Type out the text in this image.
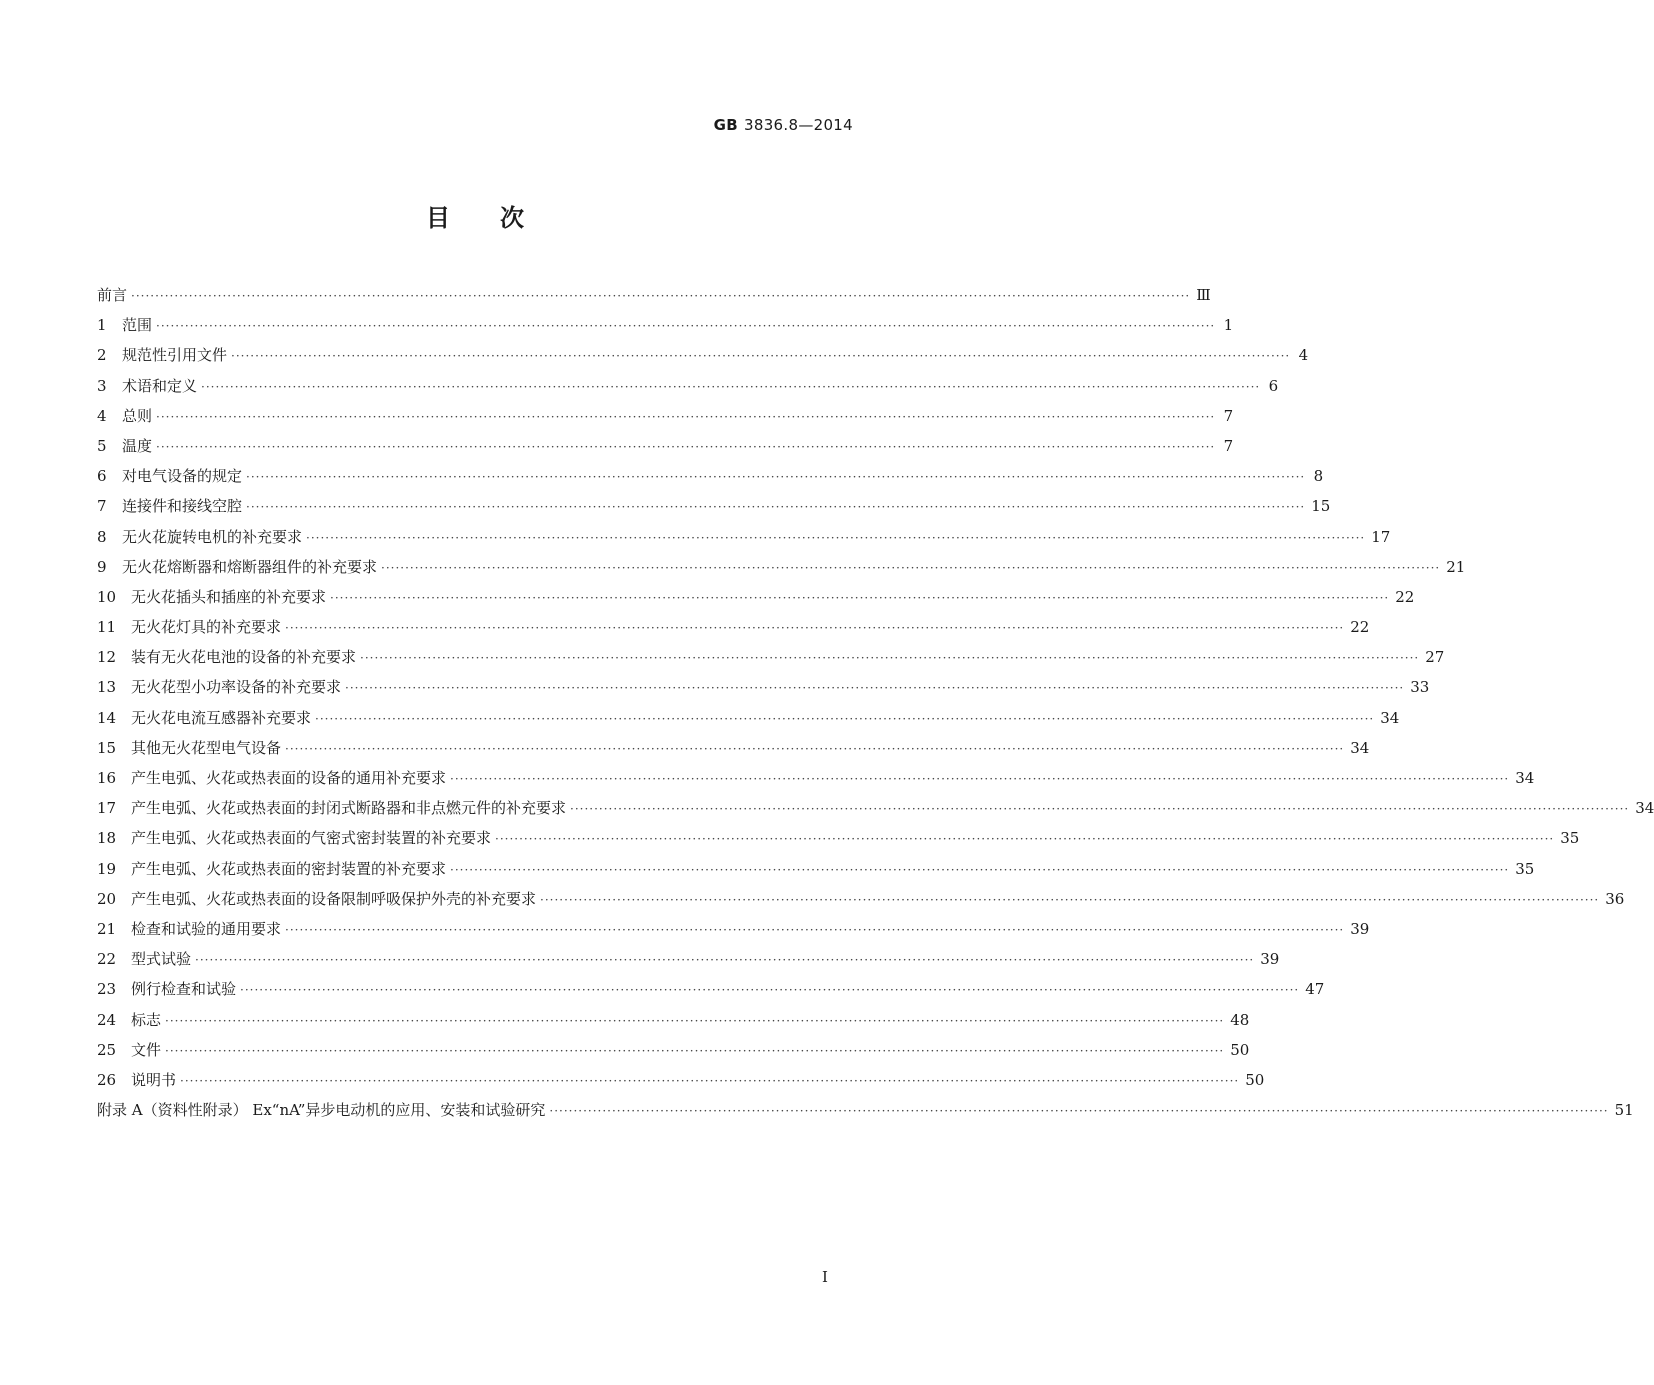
GB 3836.8—2014
目次
前言 ···························································································································································································································· Ⅲ
1	范围 ···························································································································································································································· 1
2	规范性引用文件 ···························································································································································································································· 4
3	术语和定义 ···························································································································································································································· 6
4	总则 ···························································································································································································································· 7
5	温度 ···························································································································································································································· 7
6	对电气设备的规定 ···························································································································································································································· 8
7	连接件和接线空腔 ···························································································································································································································· 15
8	无火花旋转电机的补充要求 ···························································································································································································································· 17
9	无火花熔断器和熔断器组件的补充要求 ···························································································································································································································· 21
10 无火花插头和插座的补充要求 ···························································································································································································································· 22
11 无火花灯具的补充要求 ···························································································································································································································· 22
12 装有无火花电池的设备的补充要求 ···························································································································································································································· 27
13 无火花型小功率设备的补充要求 ···························································································································································································································· 33
14 无火花电流互感器补充要求 ···························································································································································································································· 34
15 其他无火花型电气设备 ···························································································································································································································· 34
16 产生电弧、火花或热表面的设备的通用补充要求 ···························································································································································································································· 34
17 产生电弧、火花或热表面的封闭式断路器和非点燃元件的补充要求 ···························································································································································································································· 34
18 产生电弧、火花或热表面的气密式密封装置的补充要求 ···························································································································································································································· 35
19 产生电弧、火花或热表面的密封装置的补充要求 ···························································································································································································································· 35
20 产生电弧、火花或热表面的设备限制呼吸保护外壳的补充要求 ···························································································································································································································· 36
21 检查和试验的通用要求 ···························································································································································································································· 39
22 型式试验 ···························································································································································································································· 39
23 例行检查和试验 ···························································································································································································································· 47
24 标志 ···························································································································································································································· 48
25 文件 ···························································································································································································································· 50
26 说明书 ···························································································································································································································· 50
附录 A（资料性附录） Ex“nA”异步电动机的应用、安装和试验研究 ···························································································································································································································· 51
I
